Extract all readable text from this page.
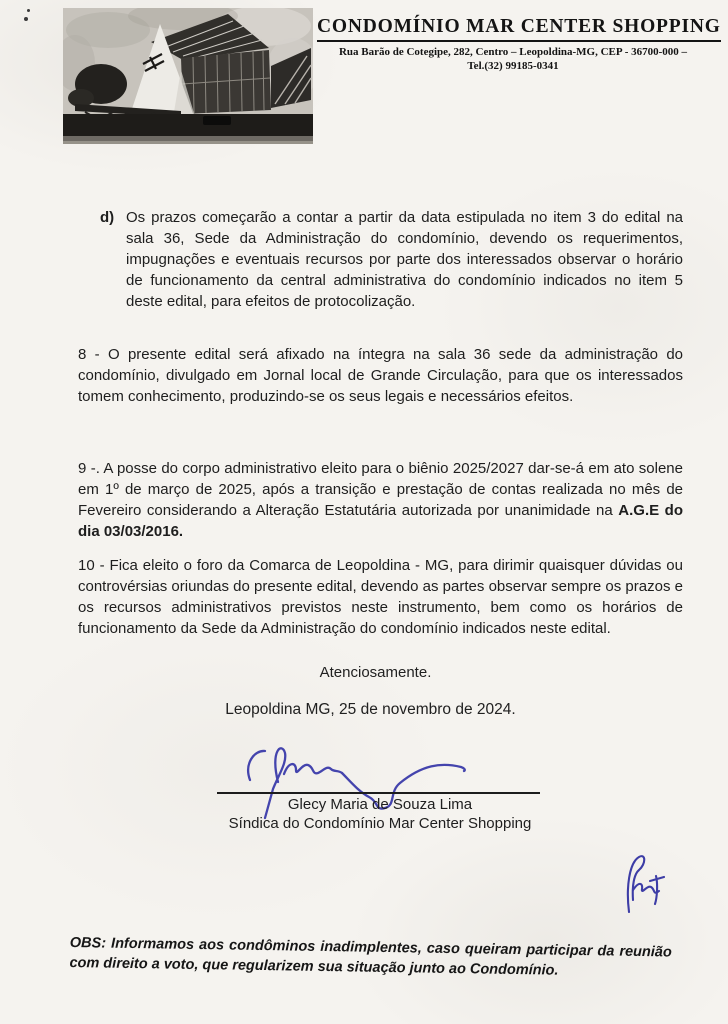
CONDOMÍNIO MAR CENTER SHOPPING
Rua Barão de Cotegipe, 282, Centro – Leopoldina-MG, CEP - 36700-000 –
Tel.(32) 99185-0341
d) Os prazos começarão a contar a partir da data estipulada no item 3 do edital na sala 36, Sede da Administração do condomínio, devendo os requerimentos, impugnações e eventuais recursos por parte dos interessados observar o horário de funcionamento da central administrativa do condomínio indicados no item 5 deste edital, para efeitos de protocolização.
8 - O presente edital será afixado na íntegra na sala 36 sede da administração do condomínio, divulgado em Jornal local de Grande Circulação, para que os interessados tomem conhecimento, produzindo-se os seus legais e necessários efeitos.
9 -. A posse do corpo administrativo eleito para o biênio 2025/2027 dar-se-á em ato solene em 1º de março de 2025, após a transição e prestação de contas realizada no mês de Fevereiro considerando a Alteração Estatutária autorizada por unanimidade na A.G.E do dia 03/03/2016.
10 - Fica eleito o foro da Comarca de Leopoldina - MG, para dirimir quaisquer dúvidas ou controvérsias oriundas do presente edital, devendo as partes observar sempre os prazos e os recursos administrativos previstos neste instrumento, bem como os horários de funcionamento da Sede da Administração do condomínio indicados neste edital.
Atenciosamente.
Leopoldina MG, 25 de novembro de 2024.
Glecy Maria de Souza Lima
Síndica do Condomínio Mar Center Shopping
OBS: Informamos aos condôminos inadimplentes, caso queiram participar da reunião com direito a voto, que regularizem sua situação junto ao Condomínio.
